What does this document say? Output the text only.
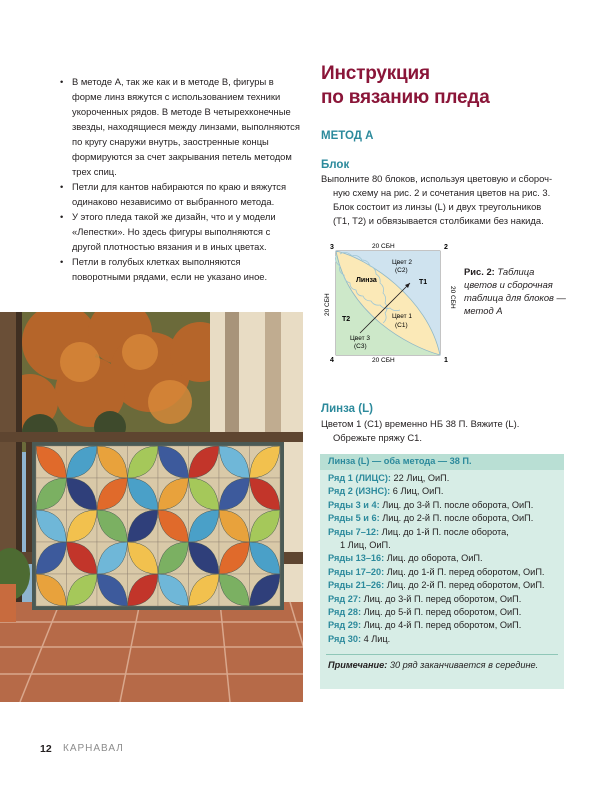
• В методе A, так же как и в методе B, фигуры в форме линз вяжутся с использованием техники укороченных рядов. В методе B четырехконечные звезды, находящиеся между линзами, выполняются по кругу снаружи внутрь, заостренные концы формируются за счет закрывания петель методом трех спиц.
• Петли для кантов набираются по краю и вяжутся одинаково независимо от выбранного метода.
• У этого пледа такой же дизайн, что и у модели «Лепестки». Но здесь фигуры выполняются с другой плотностью вязания и в иных цветах.
• Петли в голубых клетках выполняются поворотными рядами, если не указано иное.
Инструкция
по вязанию пледа
МЕТОД А
Блок
Выполните 80 блоков, используя цветовую и сбороч-
ную схему на рис. 2 и сочетания цветов на рис. 3.
Блок состоит из линзы (L) и двух треугольников
(T1, T2) и обвязывается столбиками без накида.
3	2
4	1
20 СБН
20 СБН
20 СБН	20 СБН
Линза
Цвет 2
(C2)
T1
Цвет 1
(C1)
T2
Цвет 3
(C3)
Рис. 2: Таблица
цветов и сборочная
таблица для блоков —
метод А
Линза (L)
Цветом 1 (C1) временно НБ 38 П. Вяжите (L).
Обрежьте пряжу C1.
Линза (L) — оба метода — 38 П.
Ряд 1 (ЛИЦС): 22 Лиц, ОиП.
Ряд 2 (ИЗНС): 6 Лиц, ОиП.
Ряды 3 и 4: Лиц. до 3-й П. после оборота, ОиП.
Ряды 5 и 6: Лиц. до 2-й П. после оборота, ОиП.
Ряды 7–12: Лиц. до 1-й П. после оборота,
1 Лиц, ОиП.
Ряды 13–16: Лиц. до оборота, ОиП.
Ряды 17–20: Лиц. до 1-й П. перед оборотом, ОиП.
Ряды 21–26: Лиц. до 2-й П. перед оборотом, ОиП.
Ряд 27: Лиц. до 3-й П. перед оборотом, ОиП.
Ряд 28: Лиц. до 5-й П. перед оборотом, ОиП.
Ряд 29: Лиц. до 4-й П. перед оборотом, ОиП.
Ряд 30: 4 Лиц.
Примечание: 30 ряд заканчивается в середине.
12 КАРНАВАЛ
